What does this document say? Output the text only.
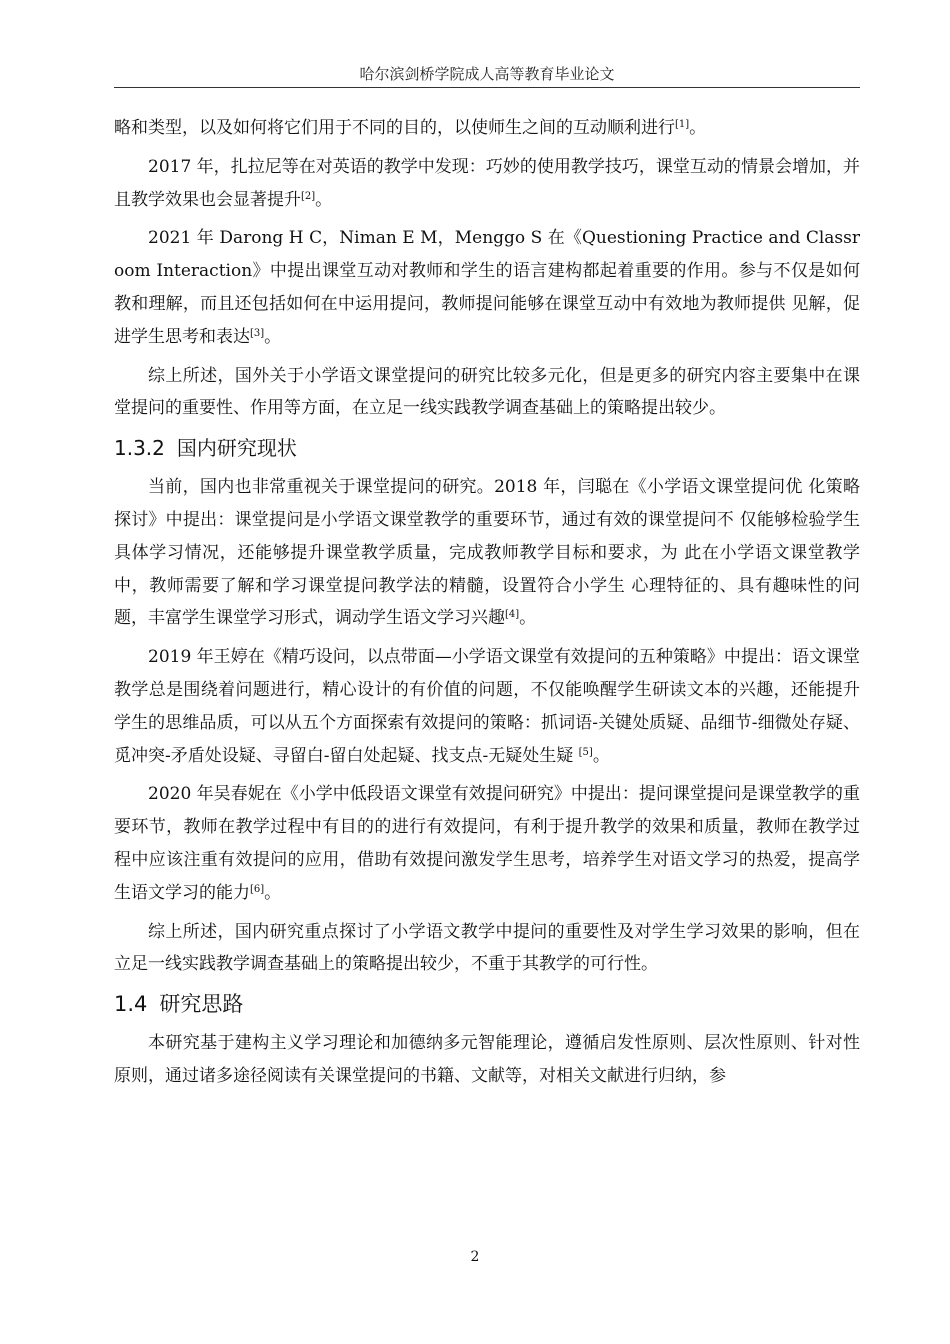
哈尔滨剑桥学院成人高等教育毕业论文

略和类型，以及如何将它们用于不同的目的，以使师生之间的互动顺利进行[1]。

2017 年，扎拉尼等在对英语的教学中发现：巧妙的使用教学技巧，课堂互动的情景会增加，并且教学效果也会显著提升[2]。

2021 年 Darong H C，Niman E M，Menggo S 在《Questioning Practice and Classroom Interaction》中提出课堂互动对教师和学生的语言建构都起着重要的作用。参与不仅是如何 教和理解，而且还包括如何在中运用提问，教师提问能够在课堂互动中有效地为教师提供 见解，促进学生思考和表达[3]。

综上所述，国外关于小学语文课堂提问的研究比较多元化，但是更多的研究内容主要集中在课堂提问的重要性、作用等方面，在立足一线实践教学调查基础上的策略提出较少。

1.3.2 国内研究现状

当前，国内也非常重视关于课堂提问的研究。2018 年，闫聪在《小学语文课堂提问优 化策略探讨》中提出：课堂提问是小学语文课堂教学的重要环节，通过有效的课堂提问不 仅能够检验学生具体学习情况，还能够提升课堂教学质量，完成教师教学目标和要求，为 此在小学语文课堂教学中，教师需要了解和学习课堂提问教学法的精髓，设置符合小学生 心理特征的、具有趣味性的问题，丰富学生课堂学习形式，调动学生语文学习兴趣[4]。

2019 年王婷在《精巧设问，以点带面—小学语文课堂有效提问的五种策略》中提出：语文课堂教学总是围绕着问题进行，精心设计的有价值的问题，不仅能唤醒学生研读文本的兴趣，还能提升学生的思维品质，可以从五个方面探索有效提问的策略：抓词语-关键处质疑、品细节-细微处存疑、觅冲突-矛盾处设疑、寻留白-留白处起疑、找支点-无疑处生疑 [5]。

2020 年吴春妮在《小学中低段语文课堂有效提问研究》中提出：提问课堂提问是课堂教学的重要环节，教师在教学过程中有目的的进行有效提问，有利于提升教学的效果和质量，教师在教学过程中应该注重有效提问的应用，借助有效提问激发学生思考，培养学生对语文学习的热爱，提高学生语文学习的能力[6]。

综上所述，国内研究重点探讨了小学语文教学中提问的重要性及对学生学习效果的影响，但在立足一线实践教学调查基础上的策略提出较少，不重于其教学的可行性。

1.4 研究思路

本研究基于建构主义学习理论和加德纳多元智能理论，遵循启发性原则、层次性原则、针对性原则，通过诸多途径阅读有关课堂提问的书籍、文献等，对相关文献进行归纳，参

2
